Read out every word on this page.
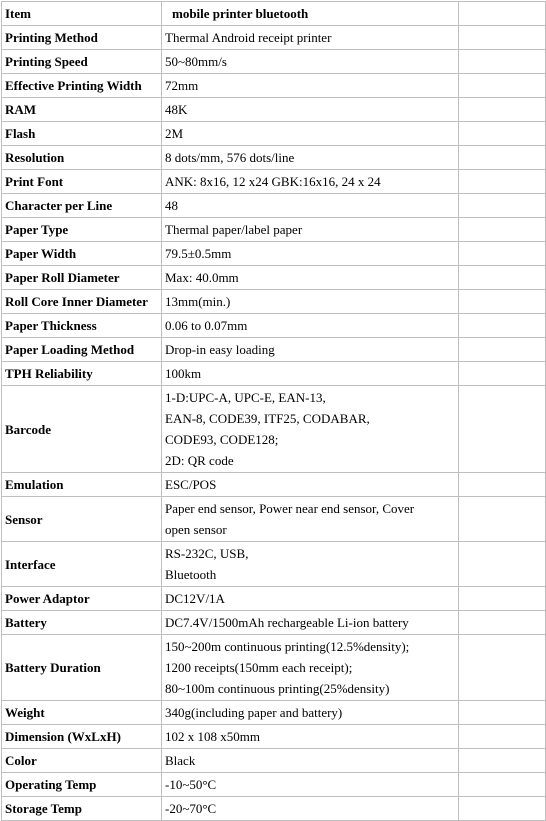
Item	mobile printer bluetooth	
Printing Method	Thermal Android receipt printer	

Printing Speed	50~80mm/s	

Effective Printing Width	72mm	

RAM	48K	

Flash	2M	

Resolution	8 dots/mm, 576 dots/line	

Print Font	ANK: 8x16, 12 x24 GBK:16x16, 24 x 24	

Character per Line	48	

Paper Type	Thermal paper/label paper	

Paper Width	79.5±0.5mm	

Paper Roll Diameter	Max: 40.0mm	

Roll Core Inner Diameter	13mm(min.)	

Paper Thickness	0.06 to 0.07mm	

Paper Loading Method	Drop-in easy loading	

TPH Reliability	100km	

Barcode	1-D:UPC-A, UPC-E, EAN-13,
EAN-8, CODE39, ITF25, CODABAR,
CODE93, CODE128;
2D: QR code	

Emulation	ESC/POS	

Sensor	Paper end sensor, Power near end sensor, Cover
open sensor	

Interface	RS-232C, USB,
Bluetooth	

Power Adaptor	DC12V/1A	

Battery	DC7.4V/1500mAh rechargeable Li-ion battery	

Battery Duration	150~200m continuous printing(12.5%density);
1200 receipts(150mm each receipt);
80~100m continuous printing(25%density)	

Weight	340g(including paper and battery)	

Dimension (WxLxH)	102 x 108 x50mm	

Color	Black	

Operating Temp	-10~50°C	

Storage Temp	-20~70°C	
